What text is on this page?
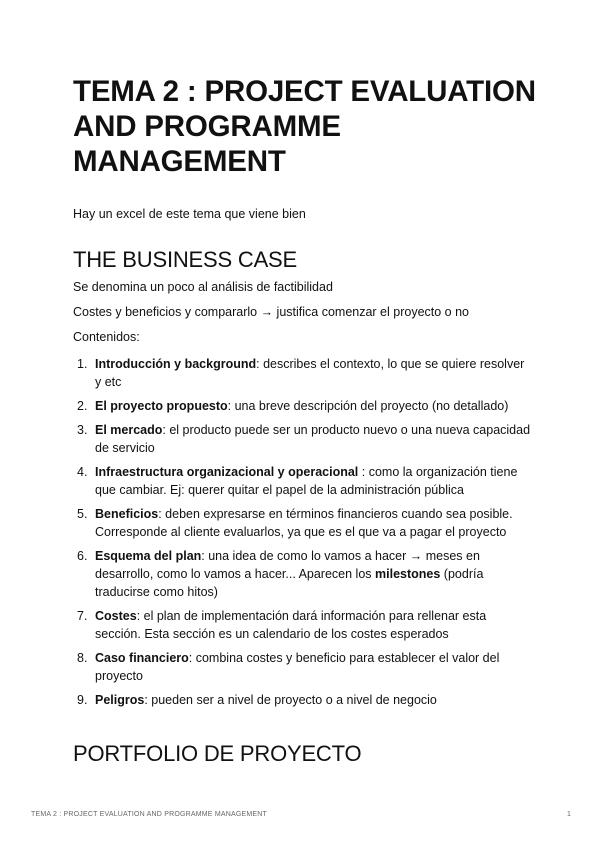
TEMA 2 : PROJECT EVALUATION AND PROGRAMME MANAGEMENT

Hay un excel de este tema que viene bien

THE BUSINESS CASE

Se denomina un poco al análisis de factibilidad

Costes y beneficios y compararlo → justifica comenzar el proyecto o no

Contenidos:

1. Introducción y background: describes el contexto, lo que se quiere resolver y etc
2. El proyecto propuesto: una breve descripción del proyecto (no detallado)
3. El mercado: el producto puede ser un producto nuevo o una nueva capacidad de servicio
4. Infraestructura organizacional y operacional : como la organización tiene que cambiar. Ej: querer quitar el papel de la administración pública
5. Beneficios: deben expresarse en términos financieros cuando sea posible. Corresponde al cliente evaluarlos, ya que es el que va a pagar el proyecto
6. Esquema del plan: una idea de como lo vamos a hacer → meses en desarrollo, como lo vamos a hacer... Aparecen los milestones (podría traducirse como hitos)
7. Costes: el plan de implementación dará información para rellenar esta sección. Esta sección es un calendario de los costes esperados
8. Caso financiero: combina costes y beneficio para establecer el valor del proyecto
9. Peligros: pueden ser a nivel de proyecto o a nivel de negocio
PORTFOLIO DE PROYECTO
TEMA 2 : PROJECT EVALUATION AND PROGRAMME MANAGEMENT	1
